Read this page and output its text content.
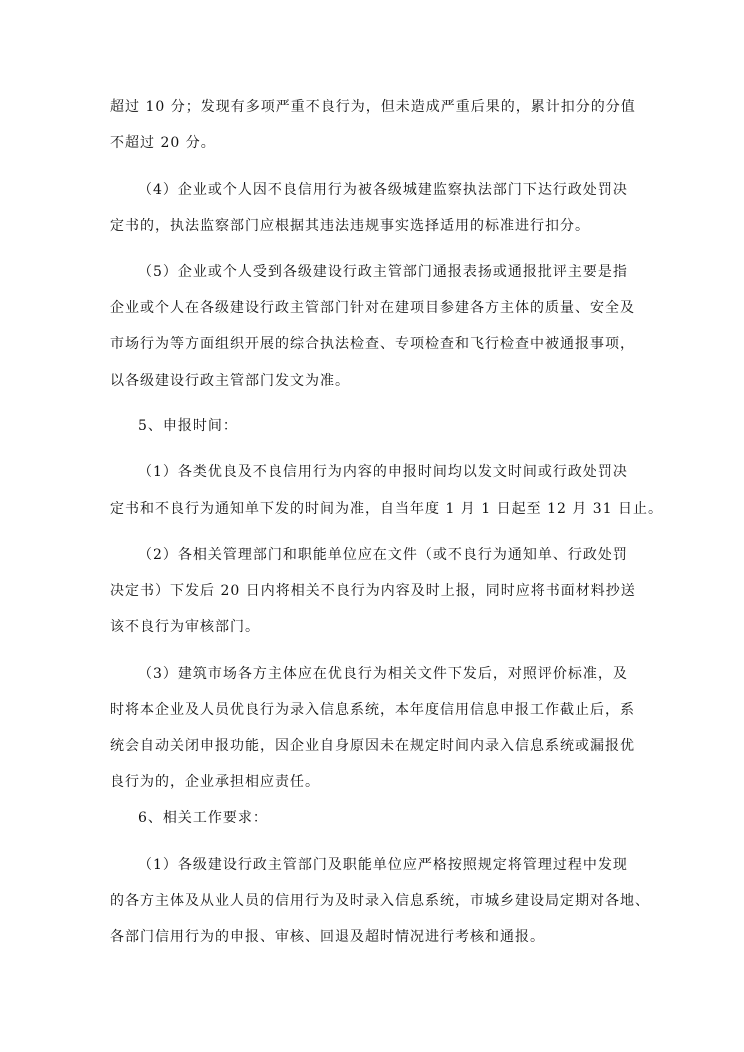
超过 10 分；发现有多项严重不良行为，但未造成严重后果的，累计扣分的分值
不超过 20 分。
（4）企业或个人因不良信用行为被各级城建监察执法部门下达行政处罚决
定书的，执法监察部门应根据其违法违规事实选择适用的标准进行扣分。
（5）企业或个人受到各级建设行政主管部门通报表扬或通报批评主要是指
企业或个人在各级建设行政主管部门针对在建项目参建各方主体的质量、安全及
市场行为等方面组织开展的综合执法检查、专项检查和飞行检查中被通报事项，
以各级建设行政主管部门发文为准。
5、申报时间：
（1）各类优良及不良信用行为内容的申报时间均以发文时间或行政处罚决
定书和不良行为通知单下发的时间为准，自当年度 1 月 1 日起至 12 月 31 日止。
（2）各相关管理部门和职能单位应在文件（或不良行为通知单、行政处罚
决定书）下发后 20 日内将相关不良行为内容及时上报，同时应将书面材料抄送
该不良行为审核部门。
（3）建筑市场各方主体应在优良行为相关文件下发后，对照评价标准，及
时将本企业及人员优良行为录入信息系统，本年度信用信息申报工作截止后，系
统会自动关闭申报功能，因企业自身原因未在规定时间内录入信息系统或漏报优
良行为的，企业承担相应责任。
6、相关工作要求：
（1）各级建设行政主管部门及职能单位应严格按照规定将管理过程中发现
的各方主体及从业人员的信用行为及时录入信息系统，市城乡建设局定期对各地、
各部门信用行为的申报、审核、回退及超时情况进行考核和通报。
